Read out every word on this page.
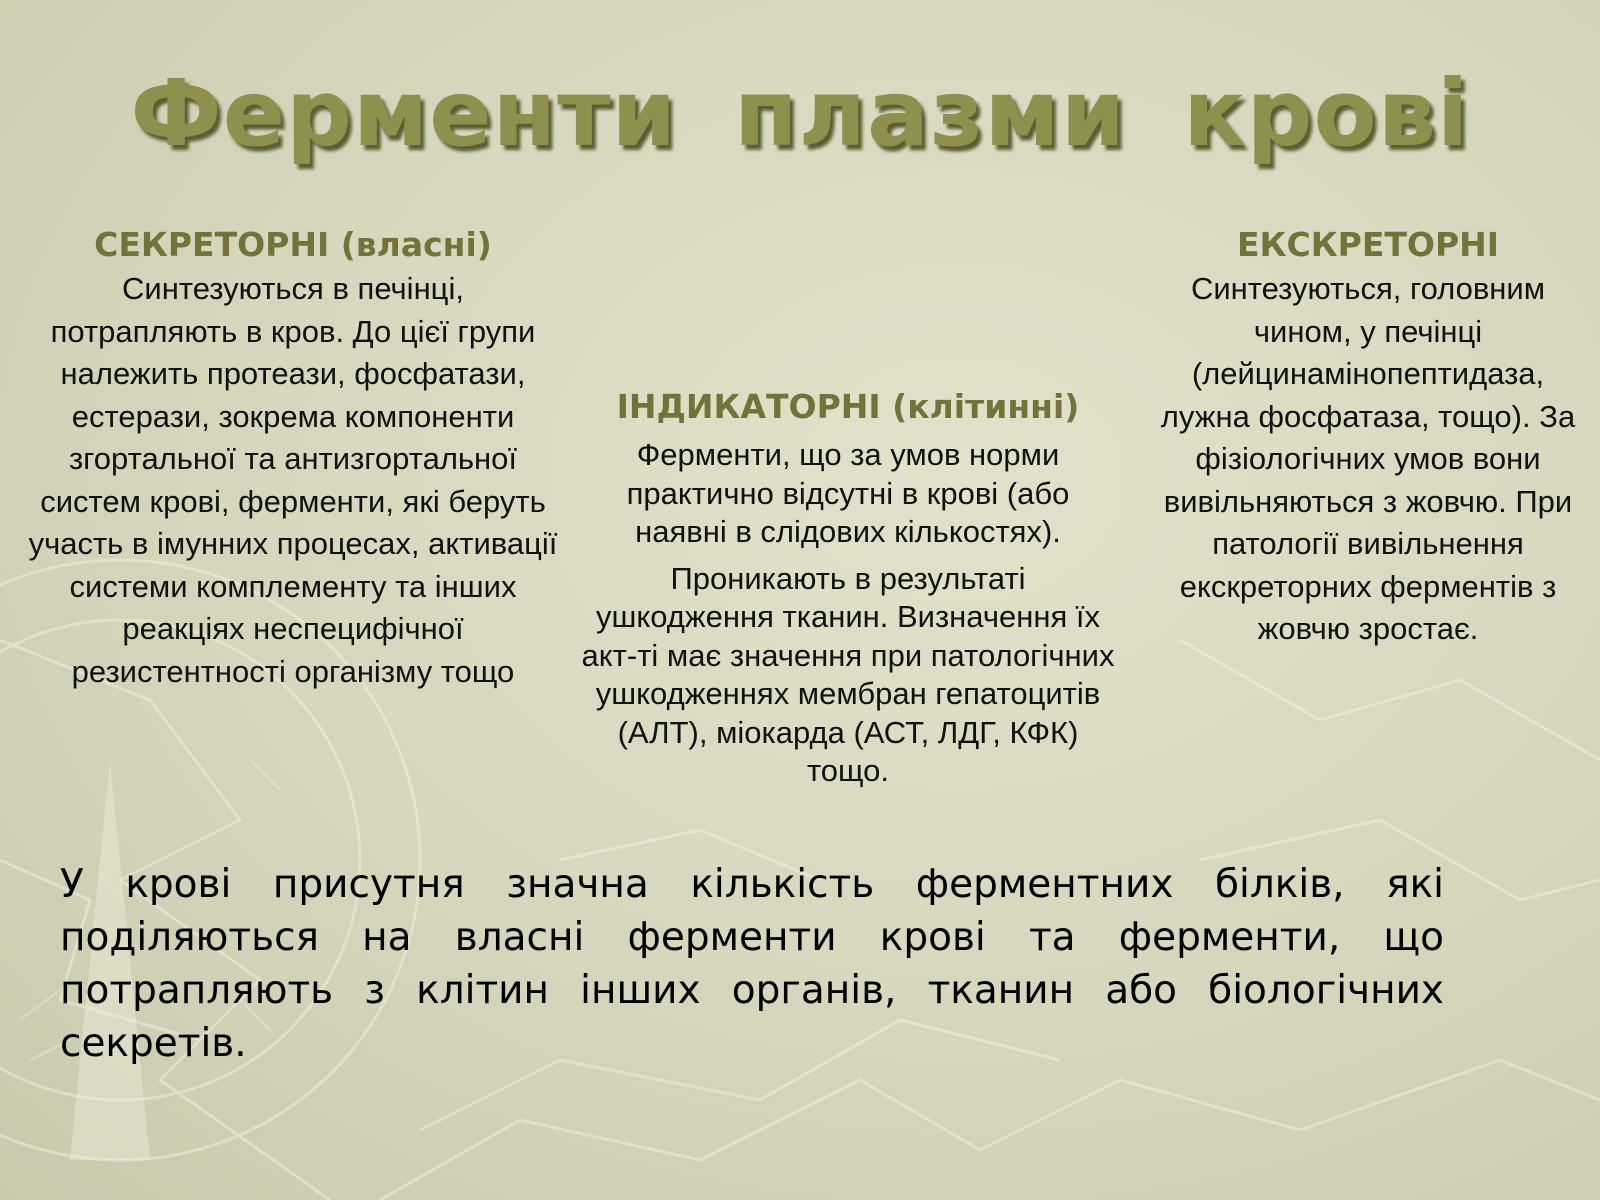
Ферменти плазми крові

СЕКРЕТОРНІ (власні)

Синтезуються в печінці, потрапляють в кров. До цієї групи належить протеази, фосфатази, естерази, зокрема компоненти згортальної та антизгортальної систем крові, ферменти, які беруть участь в імунних процесах, активації системи комплементу та інших реакціях неспецифічної резистентності організму тощо

ІНДИКАТОРНІ (клітинні)

Ферменти, що за умов норми практично відсутні в крові (або наявні в слідових кількостях).

Проникають в результаті ушкодження тканин. Визначення їх акт-ті має значення при патологічних ушкодженнях мембран гепатоцитів (АЛТ), міокарда (АСТ, ЛДГ, КФК) тощо.

ЕКСКРЕТОРНІ

Синтезуються, головним чином, у печінці (лейцинамінопептидаза, лужна фосфатаза, тощо). За фізіологічних умов вони вивільняються з жовчю. При патології вивільнення екскреторних ферментів з жовчю зростає.

У крові присутня значна кількість ферментних білків, які поділяються на власні ферменти крові та ферменти, що потрапляють з клітин інших органів, тканин або біологічних секретів.
